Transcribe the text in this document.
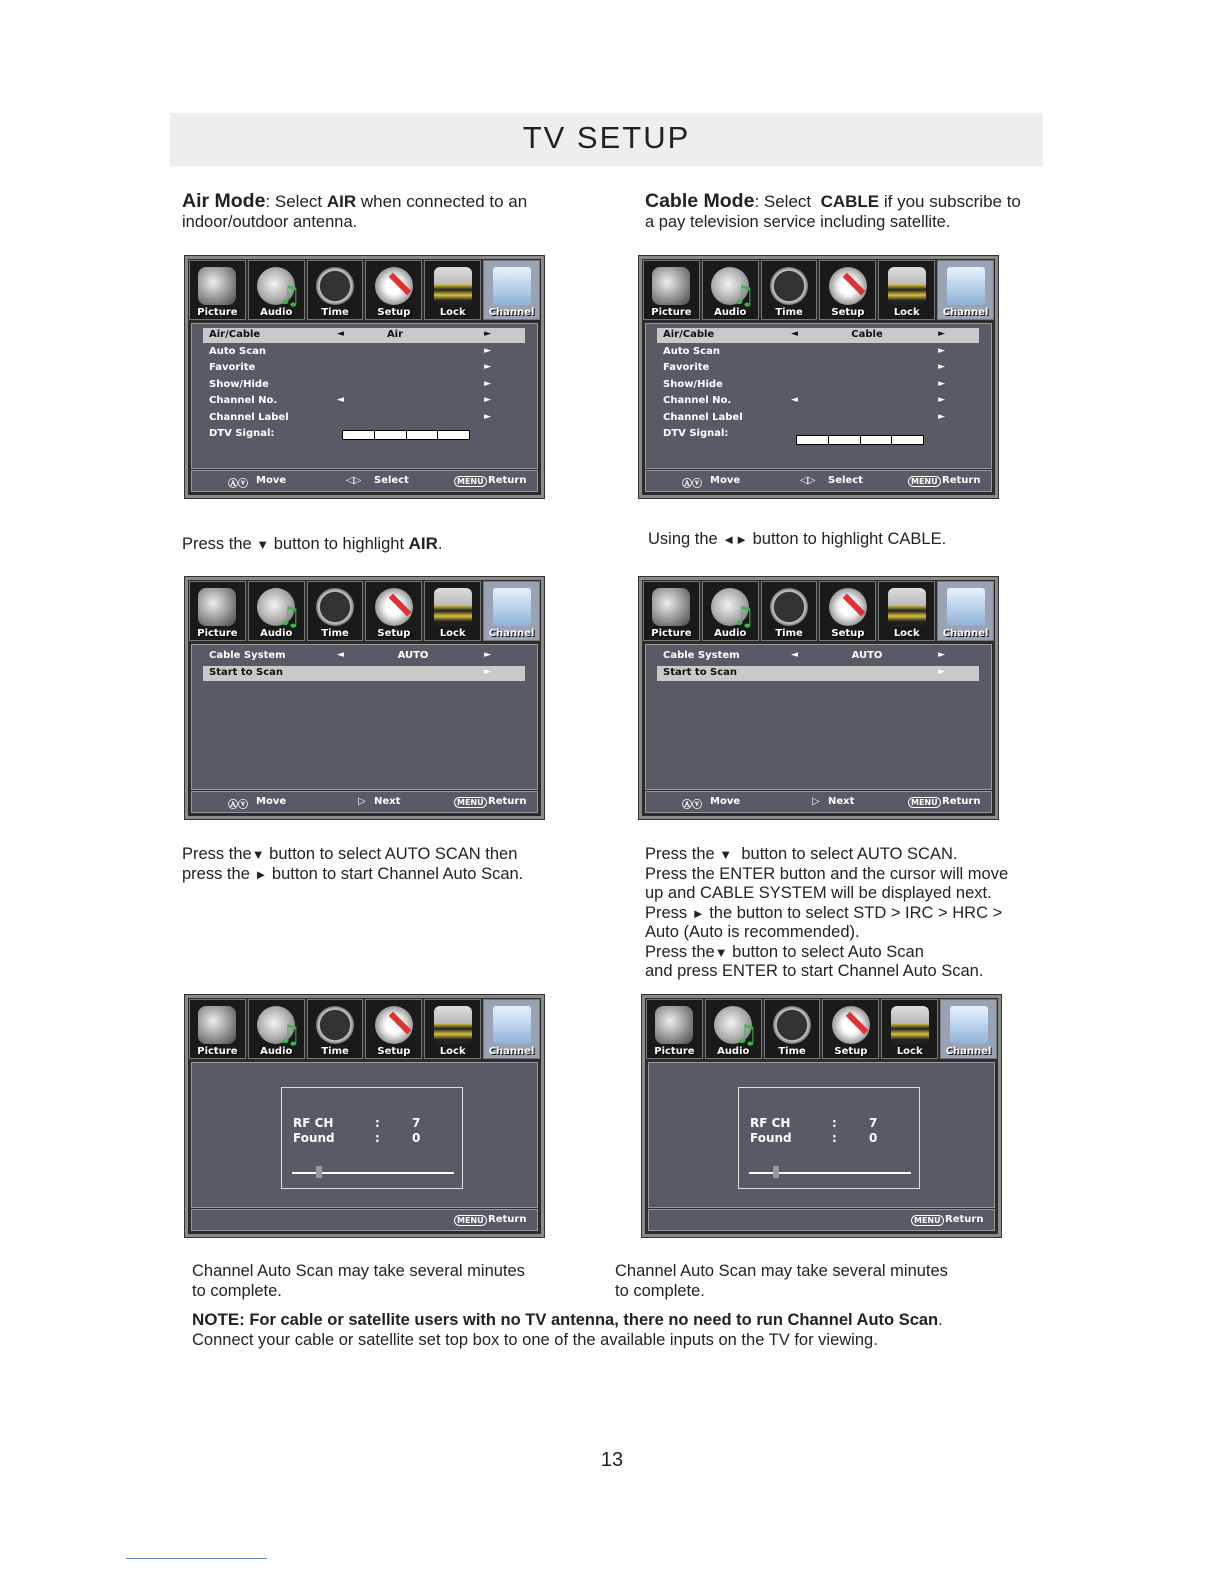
TV SETUP
Air Mode: Select AIR when connected to an
indoor/outdoor antenna.
Press the ▼ button to highlight AIR.
Press the▼ button to select AUTO SCAN then
press the ► button to start Channel Auto Scan.
Channel Auto Scan may take several minutes
to complete.
Cable Mode: Select  CABLE if you subscribe to
a pay television service including satellite.
Using the ◄► button to highlight CABLE.
Press the ▼  button to select AUTO SCAN.
Press the ENTER button and the cursor will move
up and CABLE SYSTEM will be displayed next.
Press ► the button to select STD > IRC > HRC >
Auto (Auto is recommended).
Press the▼ button to select Auto Scan
and press ENTER to start Channel Auto Scan.
Channel Auto Scan may take several minutes
to complete.
NOTE: For cable or satellite users with no TV antenna, there no need to run Channel Auto Scan.
Connect your cable or satellite set top box to one of the available inputs on the TV for viewing.
13
Picture
♫	Audio	Time	Setup	Lock	Channel
Air/Cable	◄	Air	►
Auto Scan	►
Favorite	►
Show/Hide	►
Channel No.	◄	►
Channel Label	►
DTV Signal:
Ⓐⓥ Move	◁▷ Select	MENU Return
Picture
♫	Audio	Time	Setup	Lock	Channel
Air/Cable	◄	Cable	►
Auto Scan	►
Favorite	►
Show/Hide	►
Channel No.	◄	►
Channel Label	►
DTV Signal:
Ⓐⓥ Move	◁▷ Select	MENU Return
Picture
♫	Audio	Time	Setup	Lock	Channel
Cable System	◄	AUTO	►
Start to Scan	►
Ⓐⓥ Move	▷ Next	MENU Return
Picture
♫	Audio	Time	Setup	Lock	Channel
Cable System	◄	AUTO	►
Start to Scan	►
Ⓐⓥ Move	▷ Next	MENU Return
Picture
♫	Audio	Time	Setup	Lock	Channel
RF CH	:	7
Found	:	0
MENU Return
Picture
♫	Audio	Time	Setup	Lock	Channel
RF CH	:	7
Found	:	0
MENU Return
